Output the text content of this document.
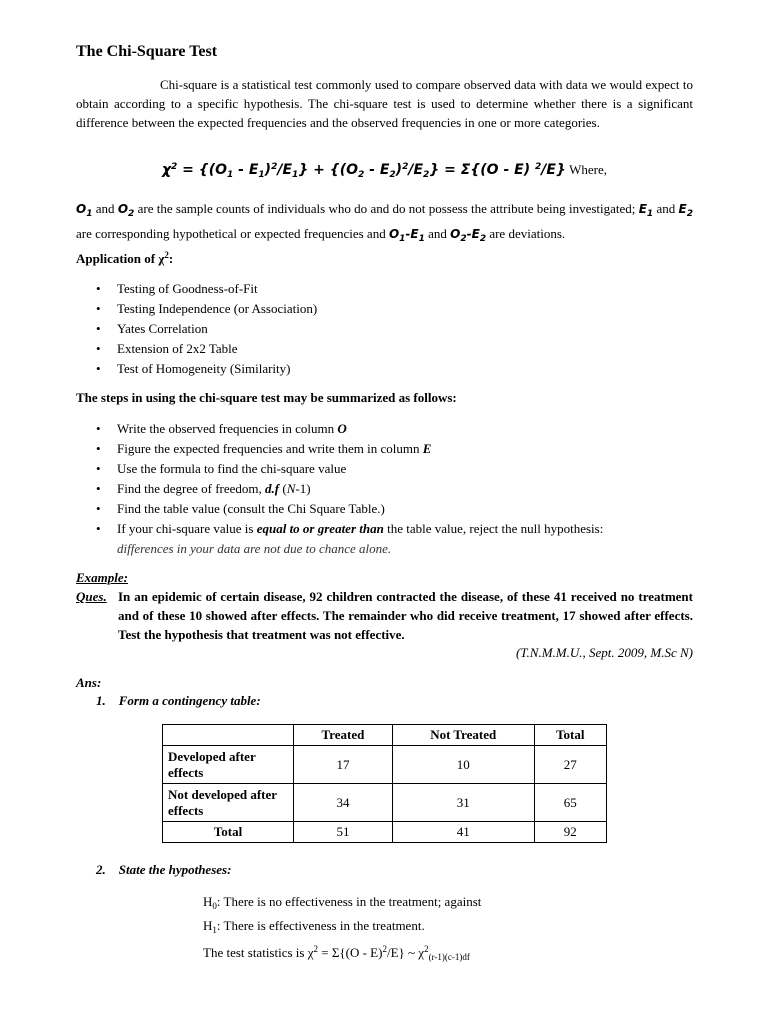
The Chi-Square Test
Chi-square is a statistical test commonly used to compare observed data with data we would expect to obtain according to a specific hypothesis. The chi-square test is used to determine whether there is a significant difference between the expected frequencies and the observed frequencies in one or more categories.
$\chi^2 = \{(O_1 - E_1)^2/E_1\} + \{(O_2 - E_2)^2/E_2\} = \Sigma\{(O - E)$ $^2$/E} Where,
$O_1$ and $O_2$ are the sample counts of individuals who do and do not possess the attribute being investigated; $E_1$ and $E_2$ are corresponding hypothetical or expected frequencies and $O_1-E_1$ and $O_2-E_2$ are deviations.
Application of $\chi^2$:
• Testing of Goodness-of-Fit
• Testing Independence (or Association)
• Yates Correlation
• Extension of 2x2 Table
• Test of Homogeneity (Similarity)
The steps in using the chi-square test may be summarized as follows:
• Write the observed frequencies in column O
• Figure the expected frequencies and write them in column E
• Use the formula to find the chi-square value
• Find the degree of freedom, d.f (N-1)
• Find the table value (consult the Chi Square Table.)
• If your chi-square value is equal to or greater than the table value, reject the null hypothesis:
differences in your data are not due to chance alone.
Example:
Ques. In an epidemic of certain disease, 92 children contracted the disease, of these 41 received no treatment and of these 10 showed after effects. The remainder who did receive treatment, 17 showed after effects. Test the hypothesis that treatment was not effective.
(T.N.M.M.U., Sept. 2009, M.Sc N)
Ans:
1.    Form a contingency table:
	Treated	Not Treated	Total
Developed after effects	17	10	27
Not developed after effects	34	31	65
Total	51	41	92
2.    State the hypotheses:
$H_0$: There is no effectiveness in the treatment; against
$H_1$: There is effectiveness in the treatment.
The test statistics is $\chi^2 = \Sigma\{(O - E)^2/E\}$ ~ $\chi^2_{(r-1)(c-1)df}$
